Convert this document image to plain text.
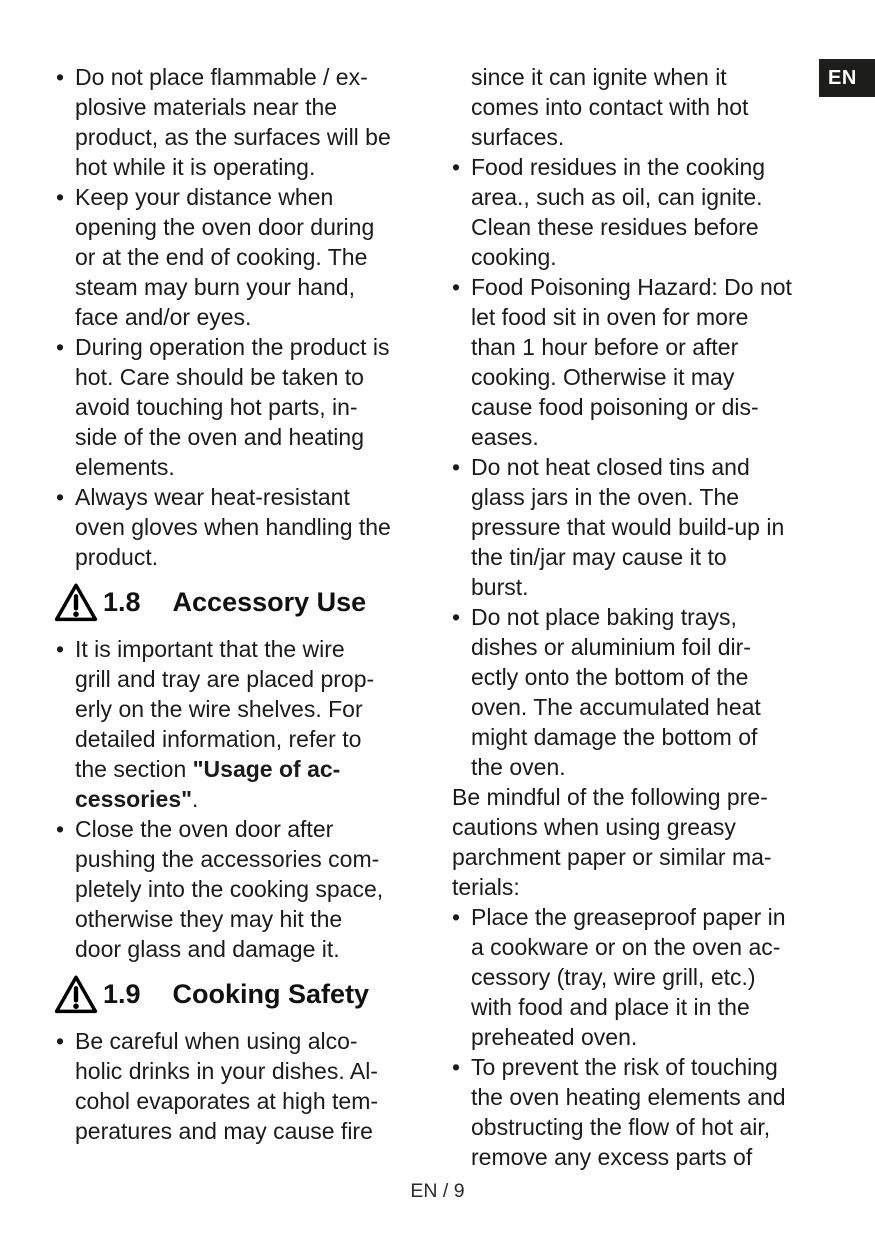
EN
• Do not place flammable / ex-
plosive materials near the
product, as the surfaces will be
hot while it is operating.
• Keep your distance when
opening the oven door during
or at the end of cooking. The
steam may burn your hand,
face and/or eyes.
• During operation the product is
hot. Care should be taken to
avoid touching hot parts, in-
side of the oven and heating
elements.
• Always wear heat-resistant
oven gloves when handling the
product.
1.8 Accessory Use
• It is important that the wire
grill and tray are placed prop-
erly on the wire shelves. For
detailed information, refer to
the section "Usage of ac-
cessories".
• Close the oven door after
pushing the accessories com-
pletely into the cooking space,
otherwise they may hit the
door glass and damage it.
1.9 Cooking Safety
• Be careful when using alco-
holic drinks in your dishes. Al-
cohol evaporates at high tem-
peratures and may cause fire
since it can ignite when it
comes into contact with hot
surfaces.
• Food residues in the cooking
area., such as oil, can ignite.
Clean these residues before
cooking.
• Food Poisoning Hazard: Do not
let food sit in oven for more
than 1 hour before or after
cooking. Otherwise it may
cause food poisoning or dis-
eases.
• Do not heat closed tins and
glass jars in the oven. The
pressure that would build-up in
the tin/jar may cause it to
burst.
• Do not place baking trays,
dishes or aluminium foil dir-
ectly onto the bottom of the
oven. The accumulated heat
might damage the bottom of
the oven.
Be mindful of the following pre-
cautions when using greasy
parchment paper or similar ma-
terials:
• Place the greaseproof paper in
a cookware or on the oven ac-
cessory (tray, wire grill, etc.)
with food and place it in the
preheated oven.
• To prevent the risk of touching
the oven heating elements and
obstructing the flow of hot air,
remove any excess parts of
EN / 9
